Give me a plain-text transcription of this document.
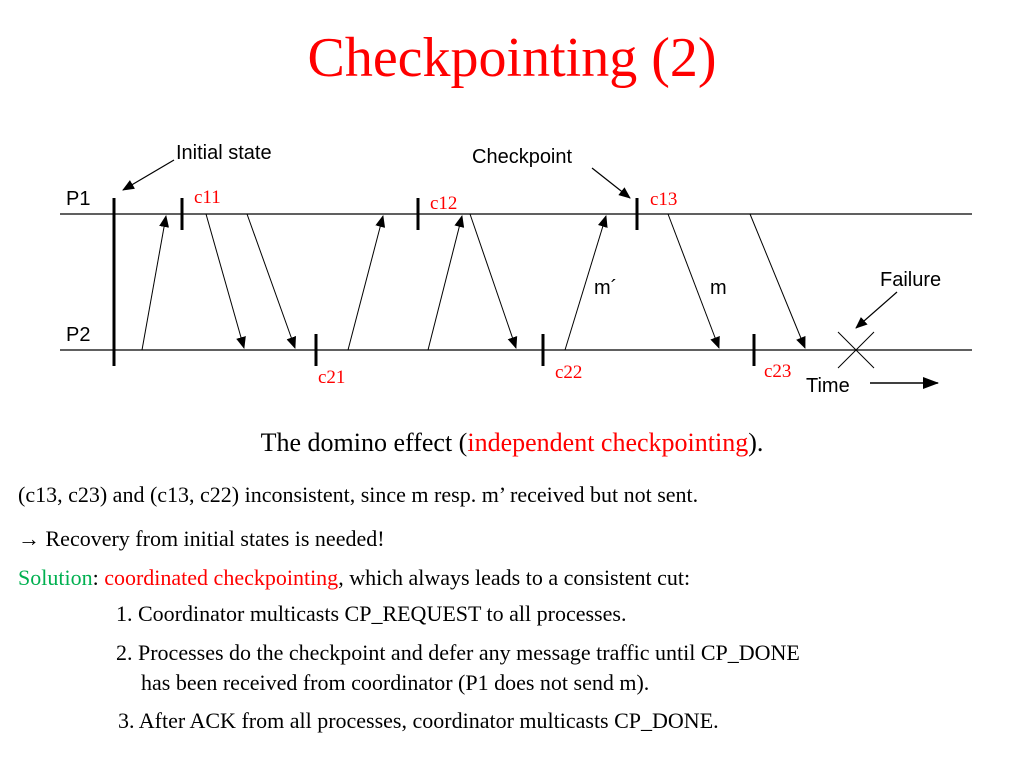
Checkpointing (2)
P1
P2
Initial state	Checkpoint
Failure
Time
m´	m
c11	c12	c13
c21	c22	c23
The domino effect (independent checkpointing).
(c13, c23) and (c13, c22) inconsistent, since m resp. m’ received but not sent.
→ Recovery from initial states is needed!
Solution: coordinated checkpointing, which always leads to a consistent cut:
1. Coordinator multicasts CP_REQUEST to all processes.
2. Processes do the checkpoint and defer any message traffic until CP_DONE
has been received from coordinator (P1 does not send m).
3. After ACK from all processes, coordinator multicasts CP_DONE.
